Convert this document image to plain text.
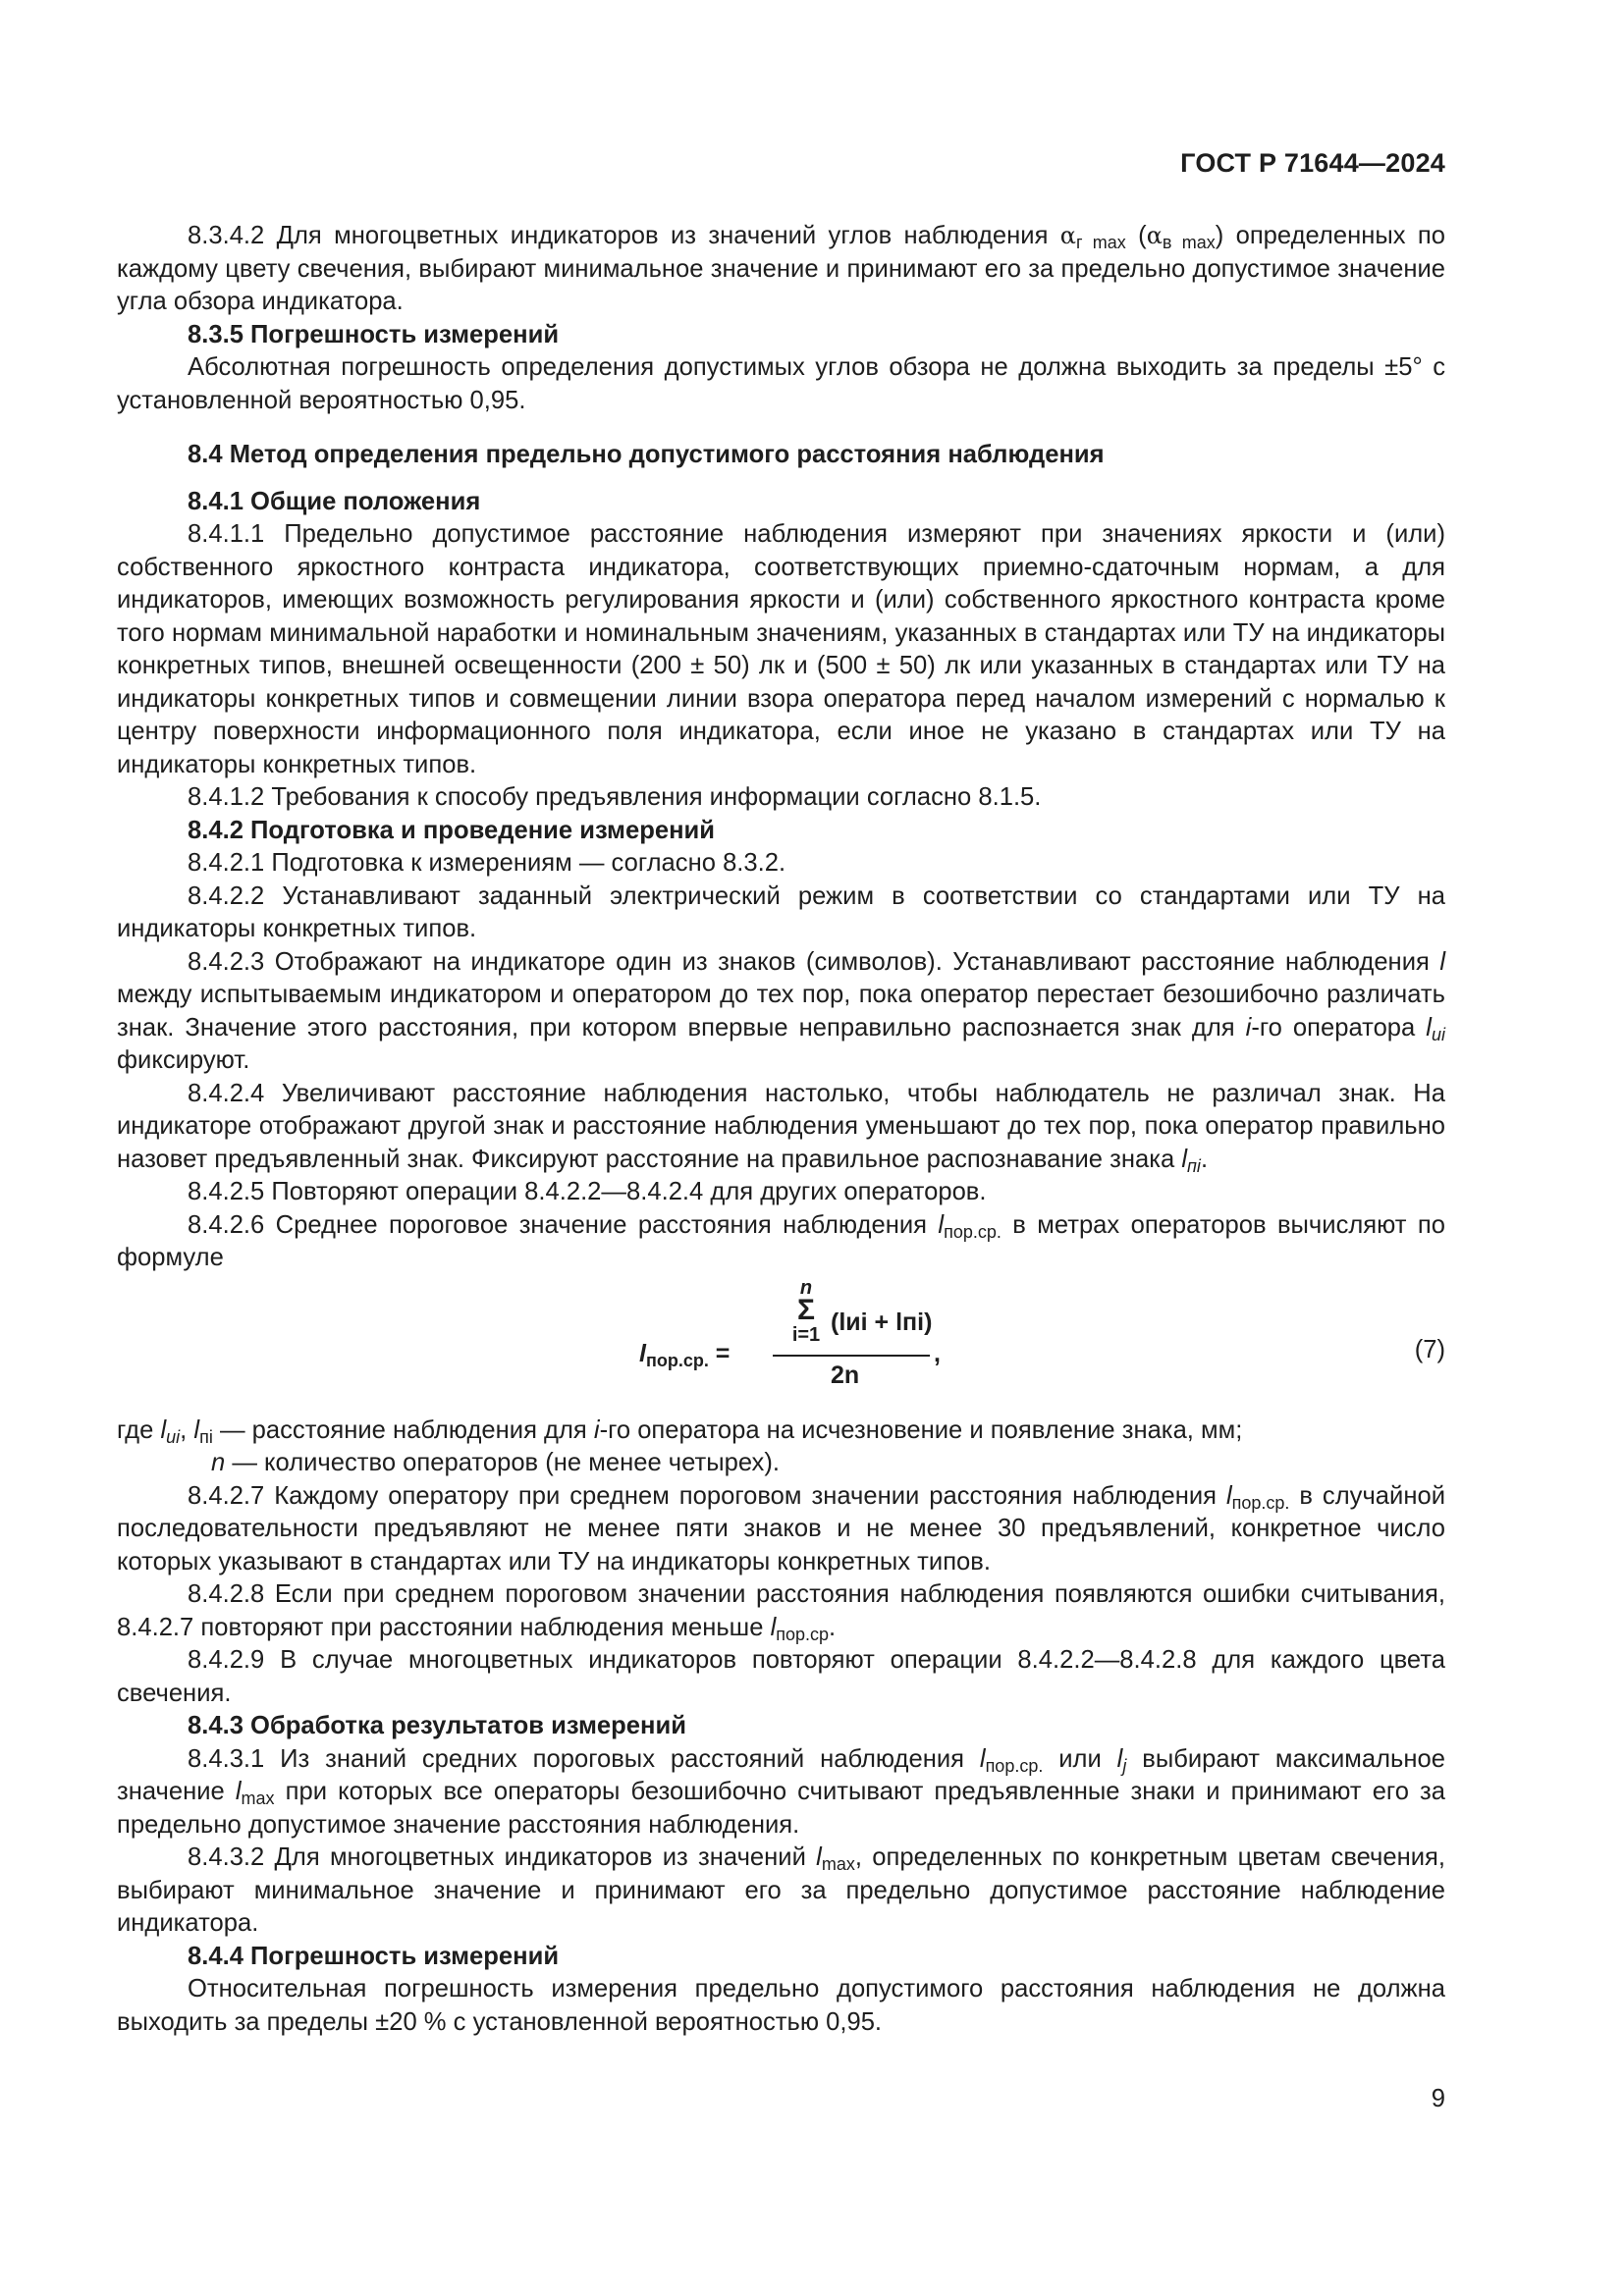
ГОСТ Р 71644—2024

8.3.4.2 Для многоцветных индикаторов из значений углов наблюдения $\alpha_{г max}$ $(\alpha_{в max})$ определенных по каждому цвету свечения, выбирают минимальное значение и принимают его за предельно допустимое значение угла обзора индикатора.

8.3.5 Погрешность измерений

Абсолютная погрешность определения допустимых углов обзора не должна выходить за пределы ±5° с установленной вероятностью 0,95.

8.4 Метод определения предельно допустимого расстояния наблюдения

8.4.1 Общие положения

8.4.1.1 Предельно допустимое расстояние наблюдения измеряют при значениях яркости и (или) собственного яркостного контраста индикатора, соответствующих приемно-сдаточным нормам, а для индикаторов, имеющих возможность регулирования яркости и (или) собственного яркостного контраста кроме того нормам минимальной наработки и номинальным значениям, указанных в стандартах или ТУ на индикаторы конкретных типов, внешней освещенности (200 ± 50) лк и (500 ± 50) лк или указанных в стандартах или ТУ на индикаторы конкретных типов и совмещении линии взора оператора перед началом измерений с нормалью к центру поверхности информационного поля индикатора, если иное не указано в стандартах или ТУ на индикаторы конкретных типов.

8.4.1.2 Требования к способу предъявления информации согласно 8.1.5.

8.4.2 Подготовка и проведение измерений

8.4.2.1 Подготовка к измерениям — согласно 8.3.2.

8.4.2.2 Устанавливают заданный электрический режим в соответствии со стандартами или ТУ на индикаторы конкретных типов.

8.4.2.3 Отображают на индикаторе один из знаков (символов). Устанавливают расстояние наблюдения l между испытываемым индикатором и оператором до тех пор, пока оператор перестает безошибочно различать знак. Значение этого расстояния, при котором впервые неправильно распознается знак для i-го оператора $l_{иi}$ фиксируют.

8.4.2.4 Увеличивают расстояние наблюдения настолько, чтобы наблюдатель не различал знак. На индикаторе отображают другой знак и расстояние наблюдения уменьшают до тех пор, пока оператор правильно назовет предъявленный знак. Фиксируют расстояние на правильное распознавание знака $l_{пi}$.

8.4.2.5 Повторяют операции 8.4.2.2—8.4.2.4 для других операторов.

8.4.2.6 Среднее пороговое значение расстояния наблюдения $l_{пор.ср.}$ в метрах операторов вычисляют по формуле

$l_{пор.ср.}$ =
n
Σ
i=1 (lиi + lпi)
2n
,	(7)

где $l_{иi}$, $l_{пi}$ — расстояние наблюдения для i-го оператора на исчезновение и появление знака, мм;

n — количество операторов (не менее четырех).

8.4.2.7 Каждому оператору при среднем пороговом значении расстояния наблюдения $l_{пор.ср.}$ в случайной последовательности предъявляют не менее пяти знаков и не менее 30 предъявлений, конкретное число которых указывают в стандартах или ТУ на индикаторы конкретных типов.

8.4.2.8 Если при среднем пороговом значении расстояния наблюдения появляются ошибки считывания, 8.4.2.7 повторяют при расстоянии наблюдения меньше $l_{пор.ср}$.

8.4.2.9 В случае многоцветных индикаторов повторяют операции 8.4.2.2—8.4.2.8 для каждого цвета свечения.

8.4.3 Обработка результатов измерений

8.4.3.1 Из знаний средних пороговых расстояний наблюдения $l_{пор.ср.}$ или $l_j$ выбирают максимальное значение $l_{max}$ при которых все операторы безошибочно считывают предъявленные знаки и принимают его за предельно допустимое значение расстояния наблюдения.

8.4.3.2 Для многоцветных индикаторов из значений $l_{max}$, определенных по конкретным цветам свечения, выбирают минимальное значение и принимают его за предельно допустимое расстояние наблюдение индикатора.

8.4.4 Погрешность измерений

Относительная погрешность измерения предельно допустимого расстояния наблюдения не должна выходить за пределы ±20 % с установленной вероятностью 0,95.

9
